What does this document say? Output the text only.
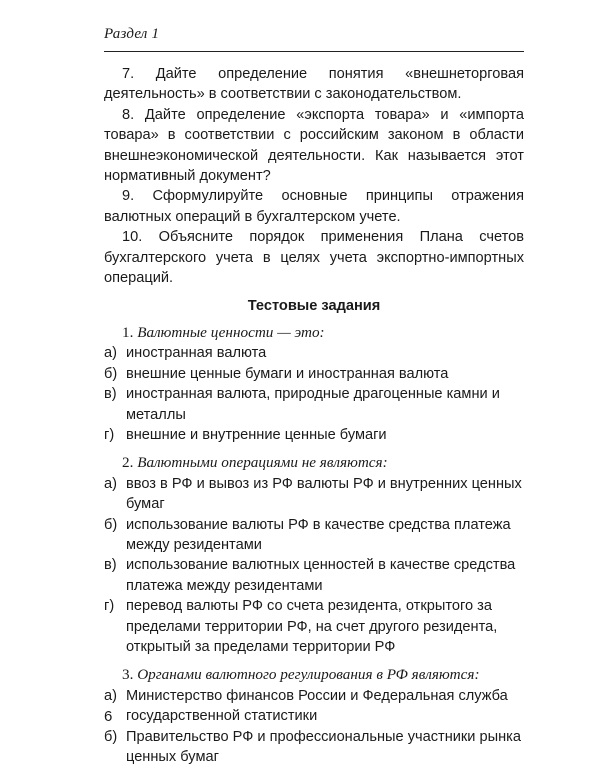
Раздел 1

7. Дайте определение понятия «внешнеторговая деятельность» в соответствии с законодательством.

8. Дайте определение «экспорта товара» и «импорта товара» в соответствии с российским законом в области внешнеэкономической деятельности. Как называется этот нормативный документ?

9. Сформулируйте основные принципы отражения валютных операций в бухгалтерском учете.

10. Объясните порядок применения Плана счетов бухгалтерского учета в целях учета экспортно-импортных операций.

Тестовые задания
1. Валютные ценности — это:
а) иностранная валюта
б) внешние ценные бумаги и иностранная валюта
в) иностранная валюта, природные драгоценные камни и металлы
г) внешние и внутренние ценные бумаги
2. Валютными операциями не являются:
а) ввоз в РФ и вывоз из РФ валюты РФ и внутренних ценных бумаг
б) использование валюты РФ в качестве средства платежа между резидентами
в) использование валютных ценностей в качестве средства платежа между резидентами
г) перевод валюты РФ со счета резидента, открытого за пределами территории РФ, на счет другого резидента, открытый за пределами территории РФ
3. Органами валютного регулирования в РФ являются:
а) Министерство финансов России и Федеральная служба государственной статистики
б) Правительство РФ и профессиональные участники рынка ценных бумаг
6
